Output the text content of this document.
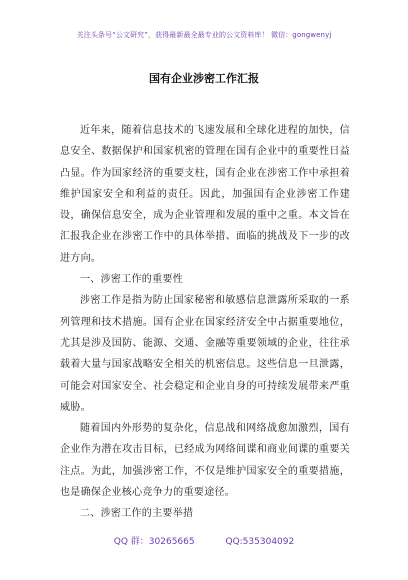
关注头条号“公文研究”，获得最新最全最专业的公文资料库！ 微信：gongwenyj
国有企业涉密工作汇报

近年来，随着信息技术的飞速发展和全球化进程的加快，信息安全、数据保护和国家机密的管理在国有企业中的重要性日益凸显。作为国家经济的重要支柱，国有企业在涉密工作中承担着维护国家安全和利益的责任。因此，加强国有企业涉密工作建设，确保信息安全，成为企业管理和发展的重中之重。本文旨在汇报我企业在涉密工作中的具体举措、面临的挑战及下一步的改进方向。

一、涉密工作的重要性

涉密工作是指为防止国家秘密和敏感信息泄露所采取的一系列管理和技术措施。国有企业在国家经济安全中占据重要地位，尤其是涉及国防、能源、交通、金融等重要领域的企业，往往承载着大量与国家战略安全相关的机密信息。这些信息一旦泄露，可能会对国家安全、社会稳定和企业自身的可持续发展带来严重威胁。

随着国内外形势的复杂化，信息战和网络战愈加激烈，国有企业作为潜在攻击目标，已经成为网络间谍和商业间谍的重要关注点。为此，加强涉密工作，不仅是维护国家安全的重要措施，也是确保企业核心竞争力的重要途径。

二、涉密工作的主要举措

QQ 群：30265665	QQ:535304092
